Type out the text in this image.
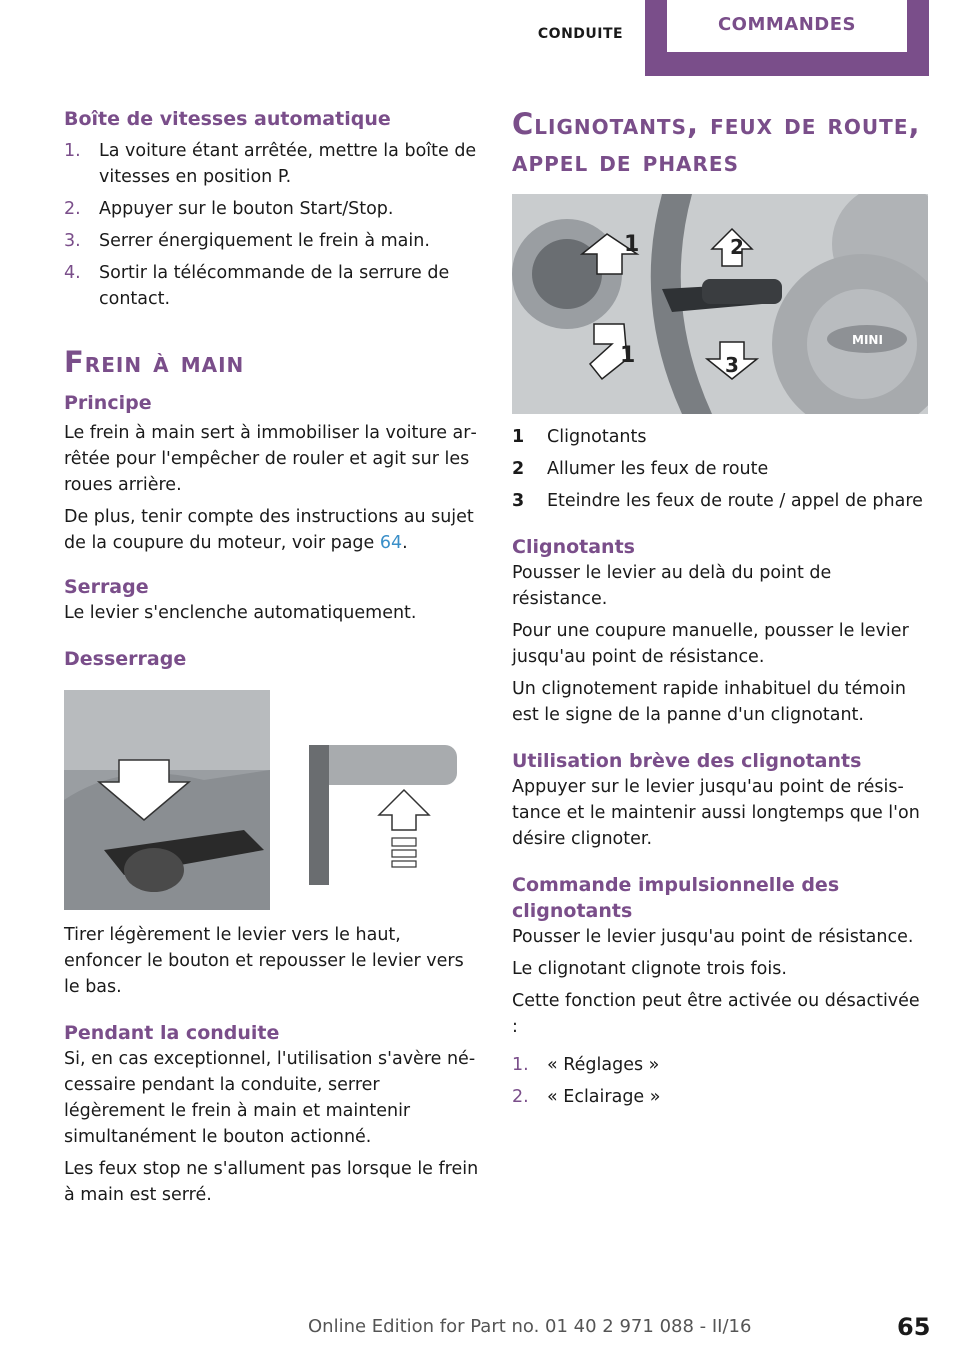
CONDUITE	COMMANDES
Boîte de vitesses automatique
1. La voiture étant arrêtée, mettre la boîte de vitesses en position P.
2. Appuyer sur le bouton Start/Stop.
3. Serrer énergiquement le frein à main.
4. Sortir la télécommande de la serrure de contact.
Frein à main
Principe

Le frein à main sert à immobiliser la voiture ar‐rêtée pour l'empêcher de rouler et agit sur les roues arrière.

De plus, tenir compte des instructions au sujet de la coupure du moteur, voir page 64.

Serrage

Le levier s'enclenche automatiquement.

Desserrage

Tirer légèrement le levier vers le haut, enfoncer le bouton et repousser le levier vers le bas.

Pendant la conduite

Si, en cas exceptionnel, l'utilisation s'avère né‐cessaire pendant la conduite, serrer légèrement le frein à main et maintenir simultanément le bouton actionné.

Les feux stop ne s'allument pas lorsque le frein à main est serré.

Clignotants, feux de route, appel de phares
1	2
1	3
MINI
1 Clignotants
2 Allumer les feux de route
3 Eteindre les feux de route / appel de phare
Clignotants

Pousser le levier au delà du point de résistance.

Pour une coupure manuelle, pousser le levier jusqu'au point de résistance.

Un clignotement rapide inhabituel du témoin est le signe de la panne d'un clignotant.

Utilisation brève des clignotants

Appuyer sur le levier jusqu'au point de résis‐tance et le maintenir aussi longtemps que l'on désire clignoter.

Commande impulsionnelle des clignotants

Pousser le levier jusqu'au point de résistance.

Le clignotant clignote trois fois.

Cette fonction peut être activée ou désactivée :

1. « Réglages »
2. « Eclairage »
Online Edition for Part no. 01 40 2 971 088 - II/16	65
